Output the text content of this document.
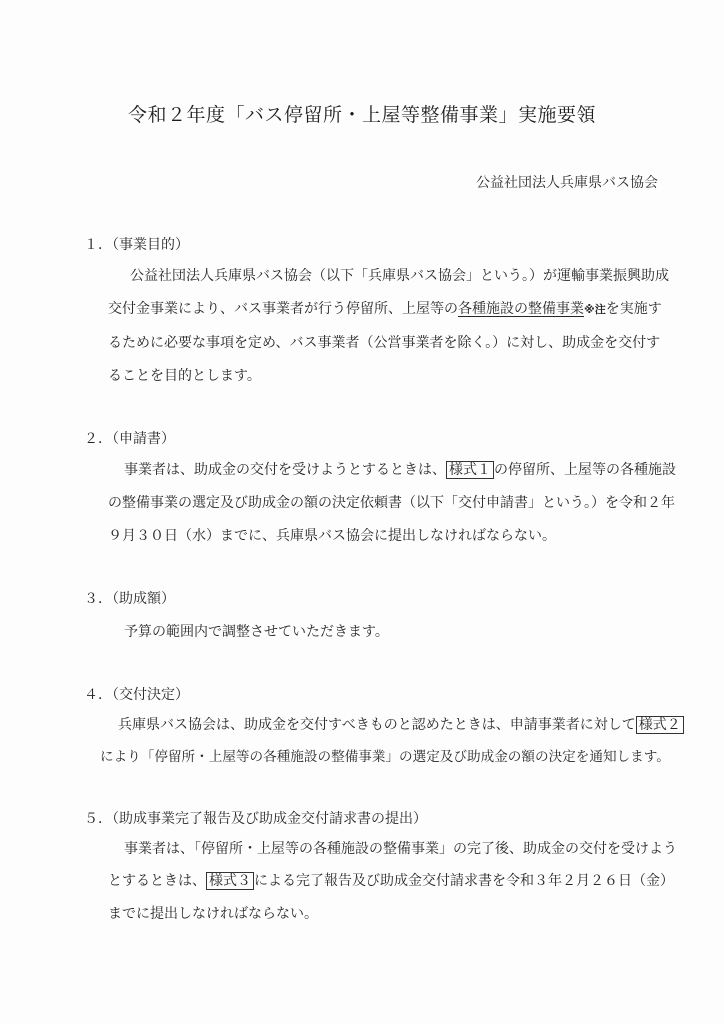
令和２年度「バス停留所・上屋等整備事業」実施要領
公益社団法人兵庫県バス協会
１．（事業目的）
公益社団法人兵庫県バス協会（以下「兵庫県バス協会」という。）が運輸事業振興助成
交付金事業により、バス事業者が行う停留所、上屋等の各種施設の整備事業※注を実施す
るために必要な事項を定め、バス事業者（公営事業者を除く。）に対し、助成金を交付す
ることを目的とします。
２．（申請書）
事業者は、助成金の交付を受けようとするときは、 様式１ の停留所、上屋等の各種施設
の整備事業の選定及び助成金の額の決定依頼書（以下「交付申請書」という。）を令和２年
９月３０日（水）までに、兵庫県バス協会に提出しなければならない。
３．（助成額）
予算の範囲内で調整させていただきます。
４．（交付決定）
兵庫県バス協会は、助成金を交付すべきものと認めたときは、申請事業者に対して 様式２
により「停留所・上屋等の各種施設の整備事業」の選定及び助成金の額の決定を通知します。
５．（助成事業完了報告及び助成金交付請求書の提出）
事業者は、「停留所・上屋等の各種施設の整備事業」の完了後、助成金の交付を受けよう
とするときは、 様式３ による完了報告及び助成金交付請求書を令和３年２月２６日（金）
までに提出しなければならない。
